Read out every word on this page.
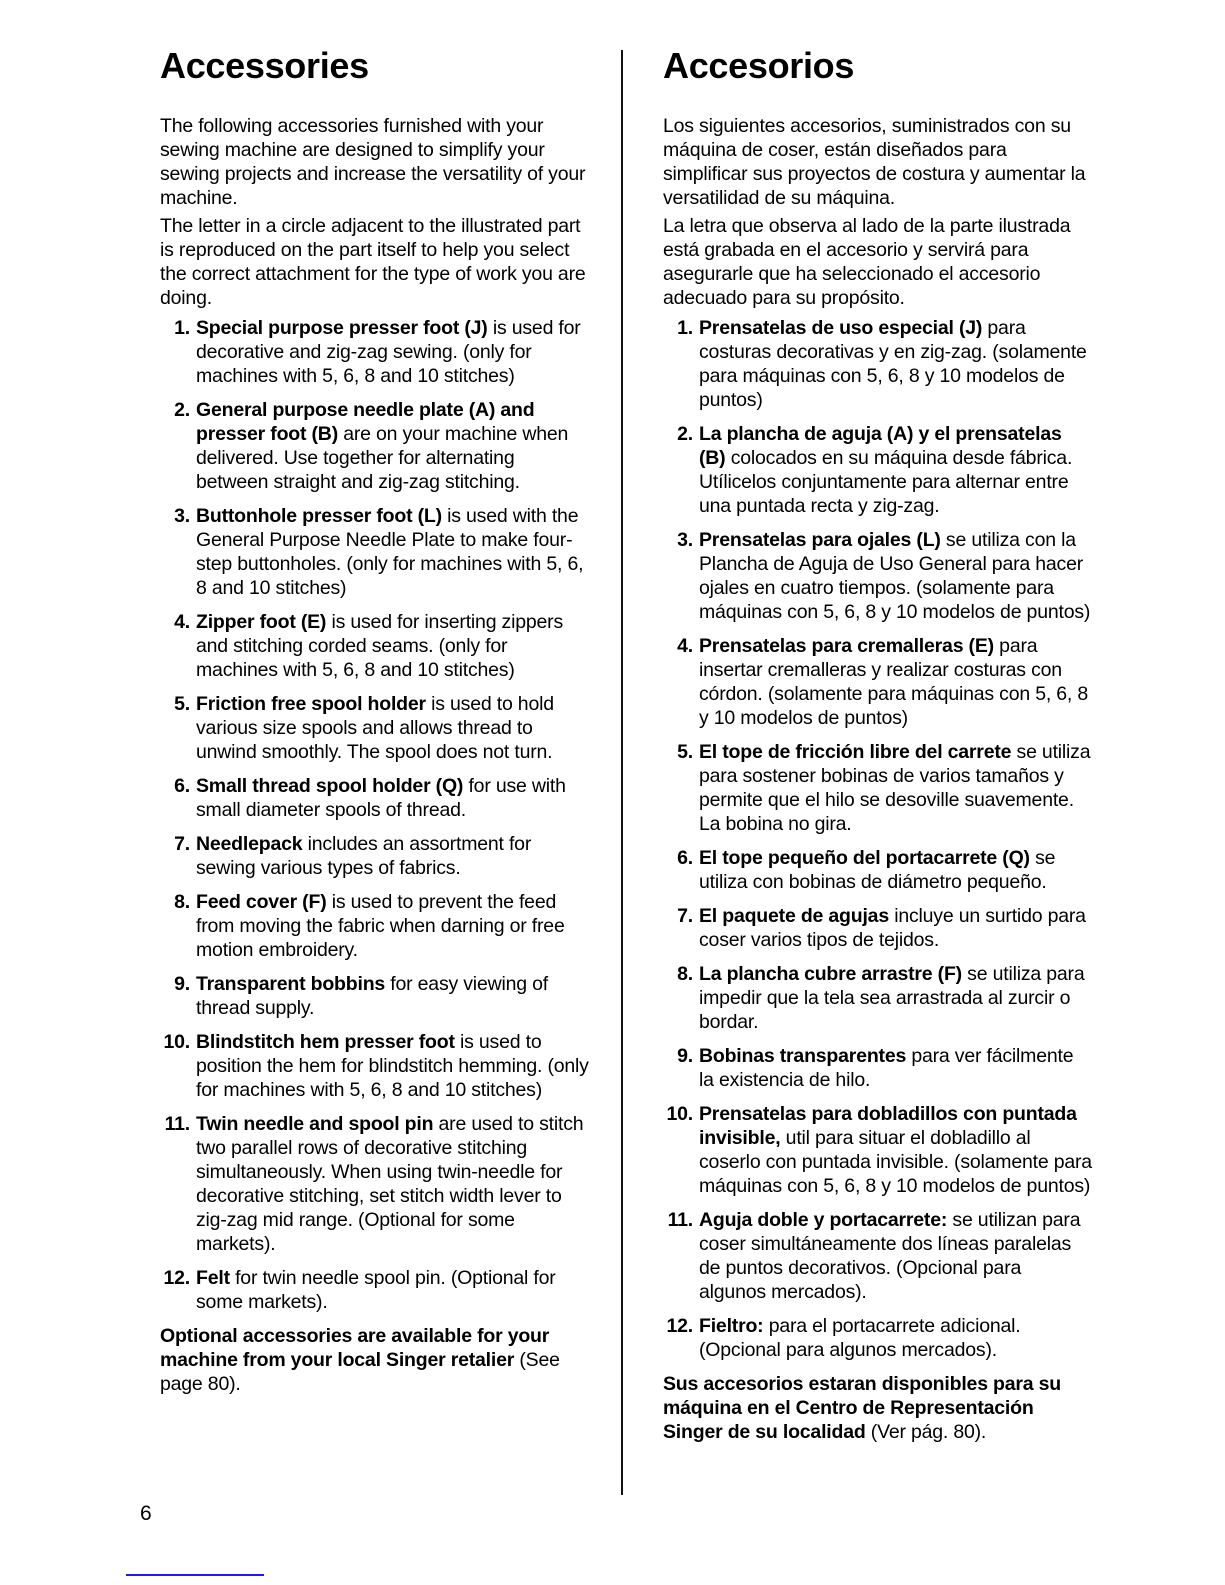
Accessories

The following accessories furnished with your sewing machine are designed to simplify your sewing projects and increase the versatility of your machine.

The letter in a circle adjacent to the illustrated part is reproduced on the part itself to help you select the correct attachment for the type of work you are doing.

1. Special purpose presser foot (J) is used for decorative and zig-zag sewing. (only for machines with 5, 6, 8 and 10 stitches)
2. General purpose needle plate (A) and presser foot (B) are on your machine when delivered. Use together for alternating between straight and zig-zag stitching.
3. Buttonhole presser foot (L) is used with the General Purpose Needle Plate to make four-step buttonholes. (only for machines with 5, 6, 8 and 10 stitches)
4. Zipper foot (E) is used for inserting zippers and stitching corded seams. (only for machines with 5, 6, 8 and 10 stitches)
5. Friction free spool holder is used to hold various size spools and allows thread to unwind smoothly. The spool does not turn.
6. Small thread spool holder (Q) for use with small diameter spools of thread.
7. Needlepack includes an assortment for sewing various types of fabrics.
8. Feed cover (F) is used to prevent the feed from moving the fabric when darning or free motion embroidery.
9. Transparent bobbins for easy viewing of thread supply.
10. Blindstitch hem presser foot is used to position the hem for blindstitch hemming. (only for machines with 5, 6, 8 and 10 stitches)
11. Twin needle and spool pin are used to stitch two parallel rows of decorative stitching simultaneously. When using twin-needle for decorative stitching, set stitch width lever to zig-zag mid range. (Optional for some markets).
12. Felt for twin needle spool pin. (Optional for some markets).

Optional accessories are available for your machine from your local Singer retalier (See page 80).

Accesorios

Los siguientes accesorios, suministrados con su máquina de coser, están diseñados para simplificar sus proyectos de costura y aumentar la versatilidad de su máquina.

La letra que observa al lado de la parte ilustrada está grabada en el accesorio y servirá para asegurarle que ha seleccionado el accesorio adecuado para su propósito.

1. Prensatelas de uso especial (J) para costuras decorativas y en zig-zag. (solamente para máquinas con 5, 6, 8 y 10 modelos de puntos)
2. La plancha de aguja (A) y el prensatelas (B) colocados en su máquina desde fábrica. Utílicelos conjuntamente para alternar entre una puntada recta y zig-zag.
3. Prensatelas para ojales (L) se utiliza con la Plancha de Aguja de Uso General para hacer ojales en cuatro tiempos. (solamente para máquinas con 5, 6, 8 y 10 modelos de puntos)
4. Prensatelas para cremalleras (E) para insertar cremalleras y realizar costuras con córdon. (solamente para máquinas con 5, 6, 8 y 10 modelos de puntos)
5. El tope de fricción libre del carrete se utiliza para sostener bobinas de varios tamaños y permite que el hilo se desoville suavemente. La bobina no gira.
6. El tope pequeño del portacarrete (Q) se utiliza con bobinas de diámetro pequeño.
7. El paquete de agujas incluye un surtido para coser varios tipos de tejidos.
8. La plancha cubre arrastre (F) se utiliza para impedir que la tela sea arrastrada al zurcir o bordar.
9. Bobinas transparentes para ver fácilmente la existencia de hilo.
10. Prensatelas para dobladillos con puntada invisible, util para situar el dobladillo al coserlo con puntada invisible. (solamente para máquinas con 5, 6, 8 y 10 modelos de puntos)
11. Aguja doble y portacarrete: se utilizan para coser simultáneamente dos líneas paralelas de puntos decorativos. (Opcional para algunos mercados).
12. Fieltro: para el portacarrete adicional. (Opcional para algunos mercados).

Sus accesorios estaran disponibles para su máquina en el Centro de Representación Singer de su localidad (Ver pág. 80).

6
